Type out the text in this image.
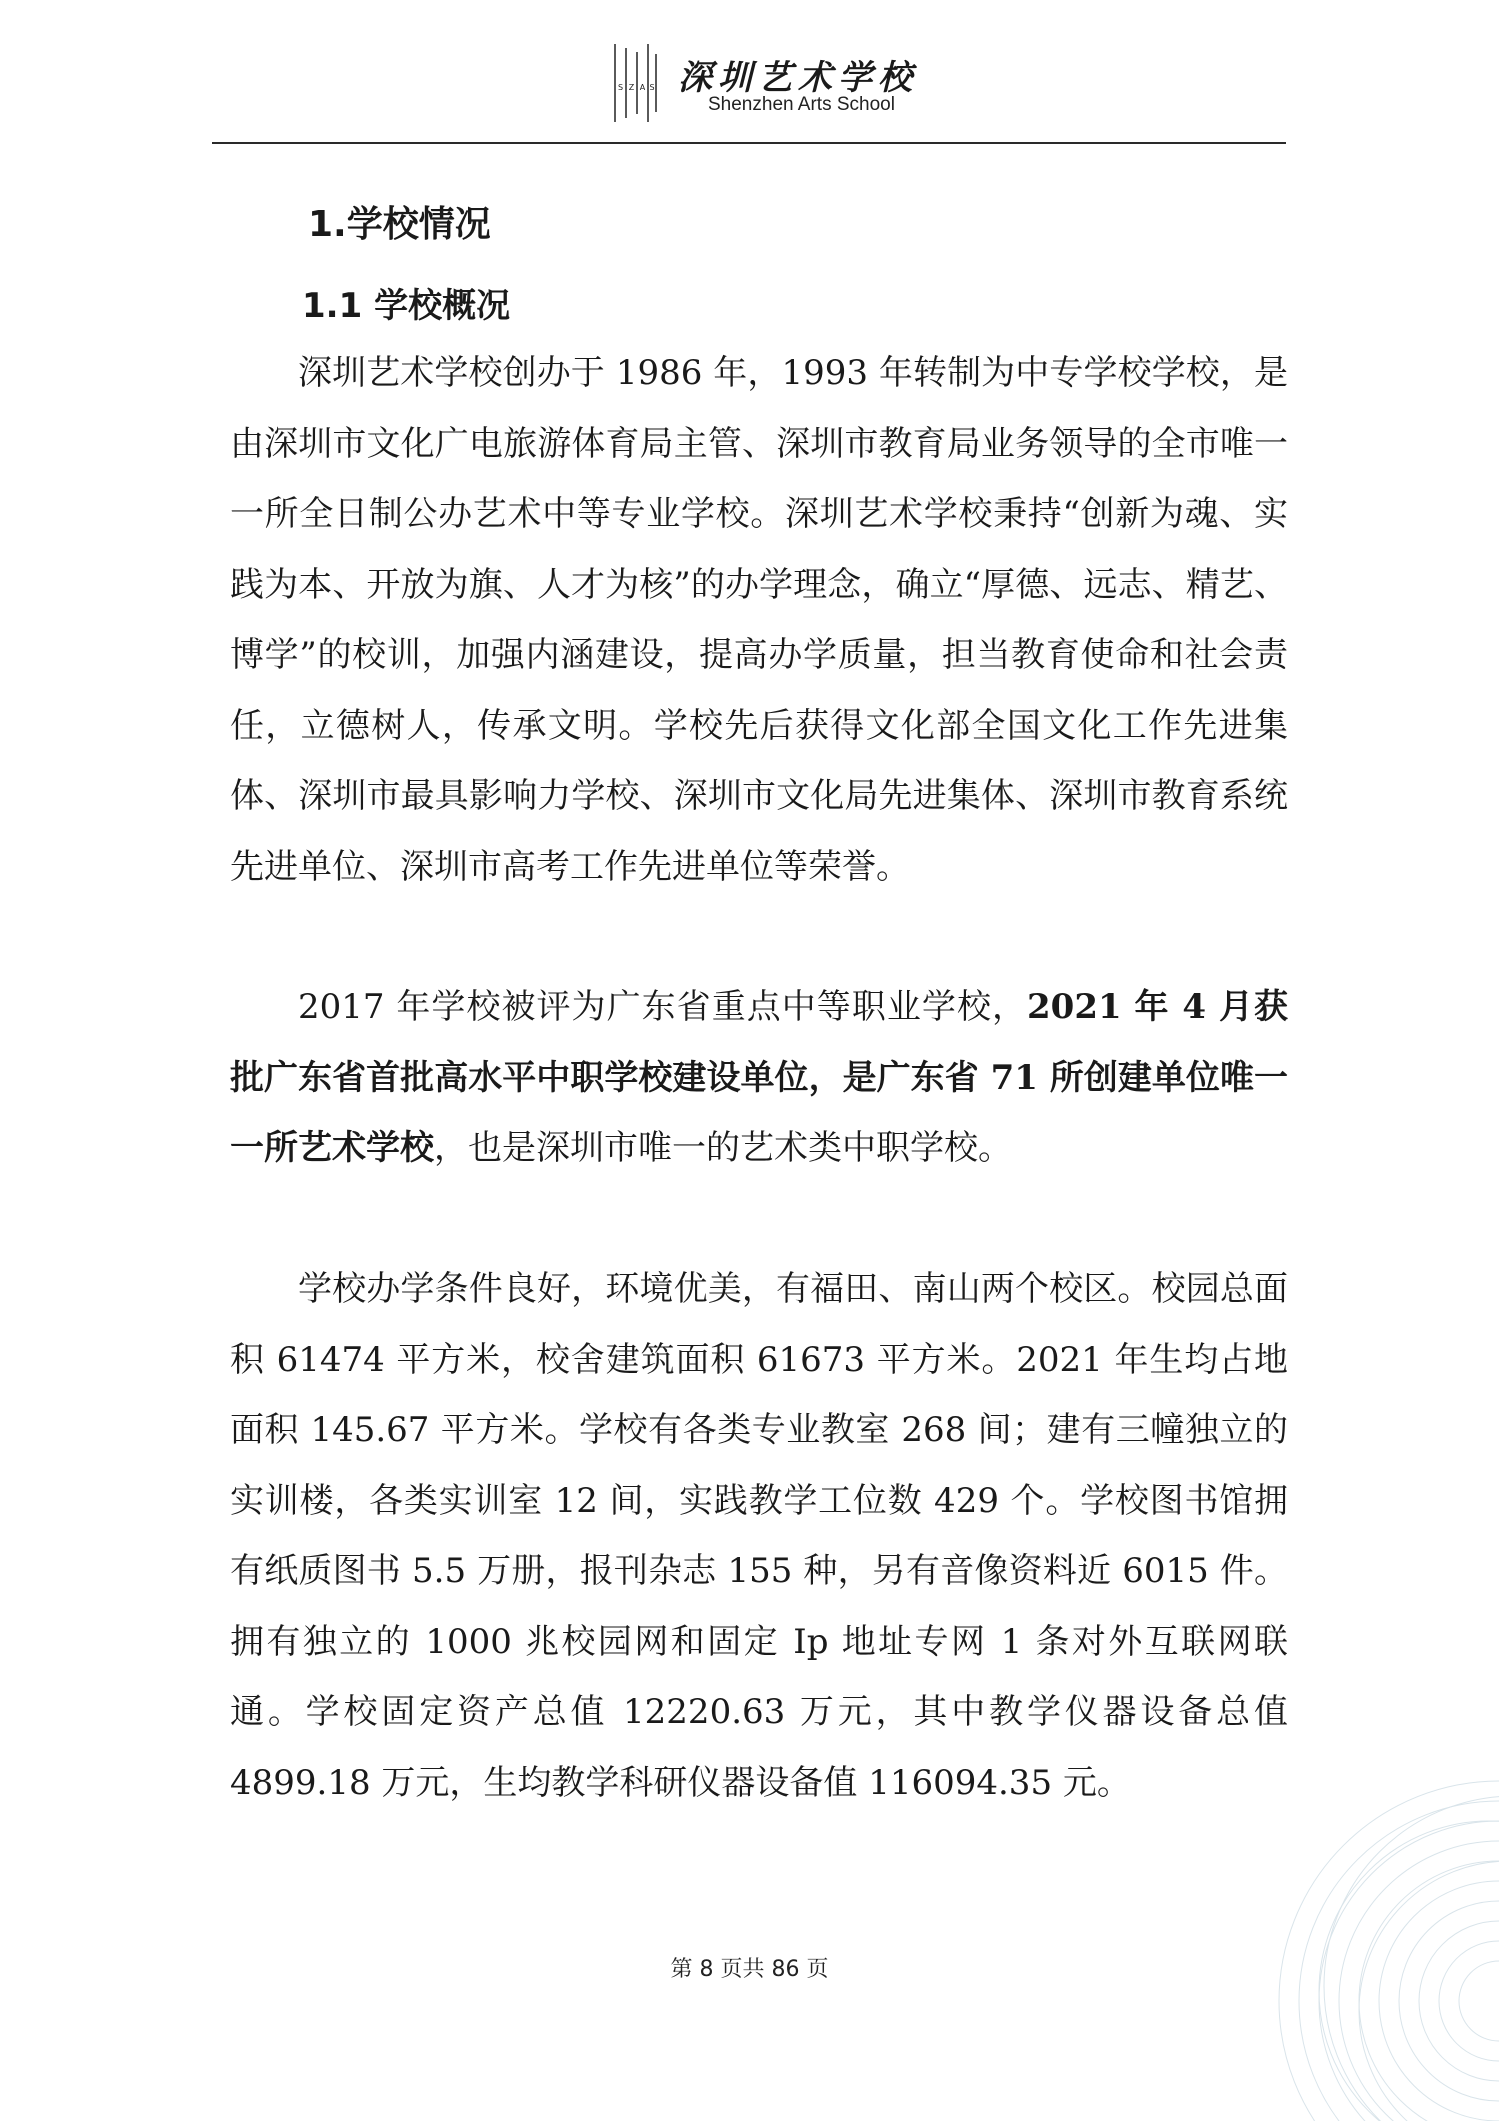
S Z A S 深圳艺术学校
Shenzhen Arts School
1.学校情况
1.1 学校概况

深圳艺术学校创办于 1986 年，1993 年转制为中专学校学校，是由深圳市文化广电旅游体育局主管、深圳市教育局业务领导的全市唯一一所全日制公办艺术中等专业学校。深圳艺术学校秉持“创新为魂、实践为本、开放为旗、人才为核”的办学理念，确立“厚德、远志、精艺、博学”的校训，加强内涵建设，提高办学质量，担当教育使命和社会责任，立德树人，传承文明。学校先后获得文化部全国文化工作先进集体、深圳市最具影响力学校、深圳市文化局先进集体、深圳市教育系统先进单位、深圳市高考工作先进单位等荣誉。

2017 年学校被评为广东省重点中等职业学校，2021 年 4 月获批广东省首批高水平中职学校建设单位，是广东省 71 所创建单位唯一一所艺术学校，也是深圳市唯一的艺术类中职学校。

学校办学条件良好，环境优美，有福田、南山两个校区。校园总面积 61474 平方米，校舍建筑面积 61673 平方米。2021 年生均占地面积 145.67 平方米。学校有各类专业教室 268 间；建有三幢独立的实训楼，各类实训室 12 间，实践教学工位数 429 个。学校图书馆拥有纸质图书 5.5 万册，报刊杂志 155 种，另有音像资料近 6015 件。拥有独立的 1000 兆校园网和固定 Ip 地址专网 1 条对外互联网联通。学校固定资产总值 12220.63 万元，其中教学仪器设备总值 4899.18 万元，生均教学科研仪器设备值 116094.35 元。

第 8 页共 86 页
